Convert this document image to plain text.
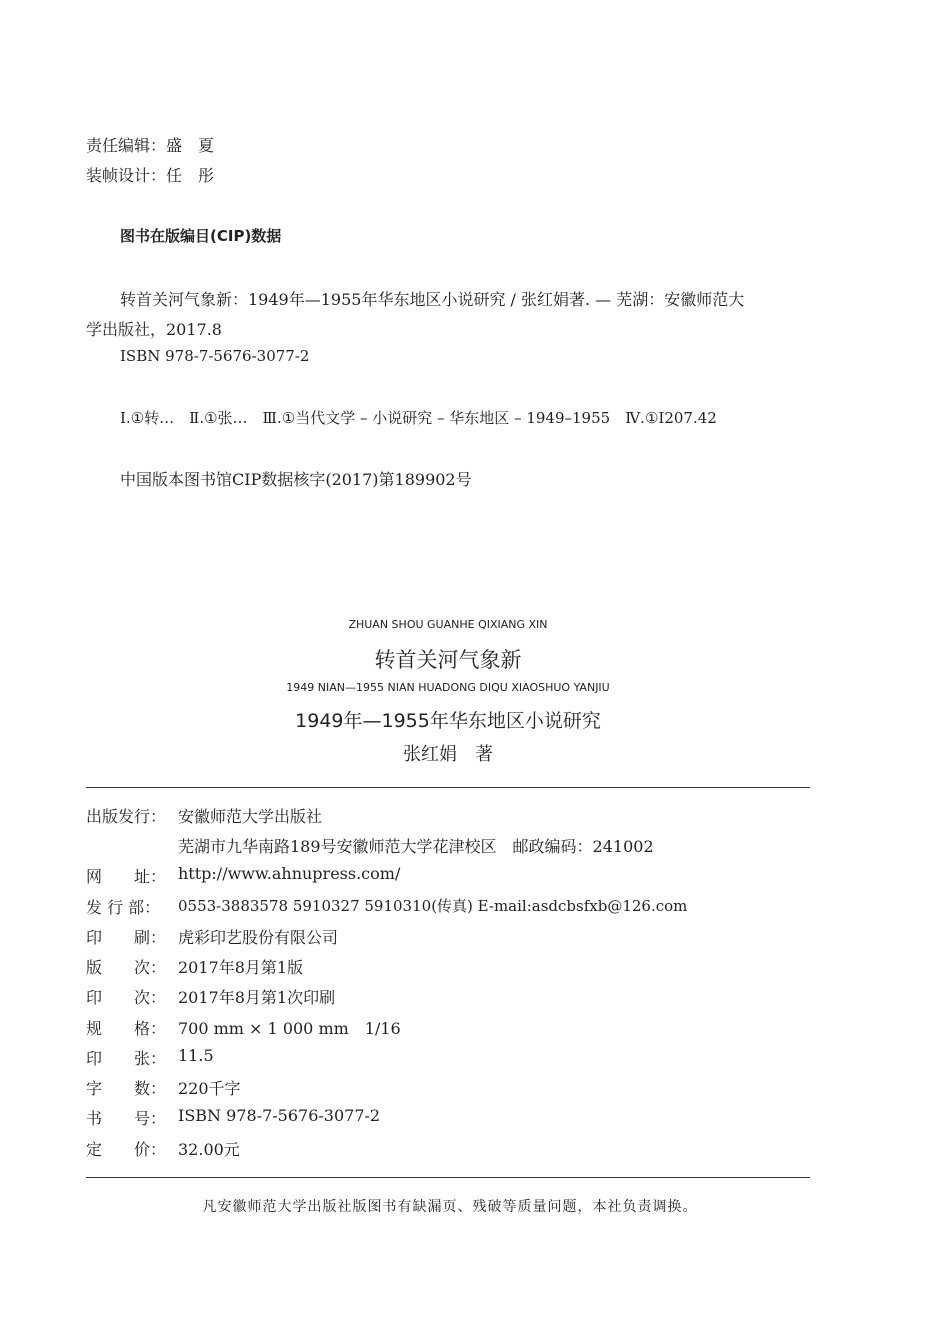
责任编辑：盛　夏
装帧设计：任　彤
图书在版编目(CIP)数据
转首关河气象新：1949年—1955年华东地区小说研究 / 张红娟著. — 芜湖：安徽师范大
学出版社，2017.8
ISBN 978-7-5676-3077-2
Ⅰ.①转…　Ⅱ.①张…　Ⅲ.①当代文学 – 小说研究 – 华东地区 – 1949–1955　Ⅳ.①I207.42
中国版本图书馆CIP数据核字(2017)第189902号
ZHUAN SHOU GUANHE QIXIANG XIN
转首关河气象新
1949 NIAN—1955 NIAN HUADONG DIQU XIAOSHUO YANJIU
1949年—1955年华东地区小说研究
张红娟　著
出版发行： 安徽师范大学出版社
芜湖市九华南路189号安徽师范大学花津校区　邮政编码：241002
网　　址： http://www.ahnupress.com/
发 行 部：	0553-3883578 5910327 5910310(传真) E-mail:asdcbsfxb@126.com
印　　刷： 虎彩印艺股份有限公司
版　　次： 2017年8月第1版
印　　次： 2017年8月第1次印刷
规　　格： 700 mm × 1 000 mm　1/16
印　　张： 11.5
字　　数： 220千字
书　　号： ISBN 978-7-5676-3077-2
定　　价： 32.00元
凡安徽师范大学出版社版图书有缺漏页、残破等质量问题，本社负责调换。
